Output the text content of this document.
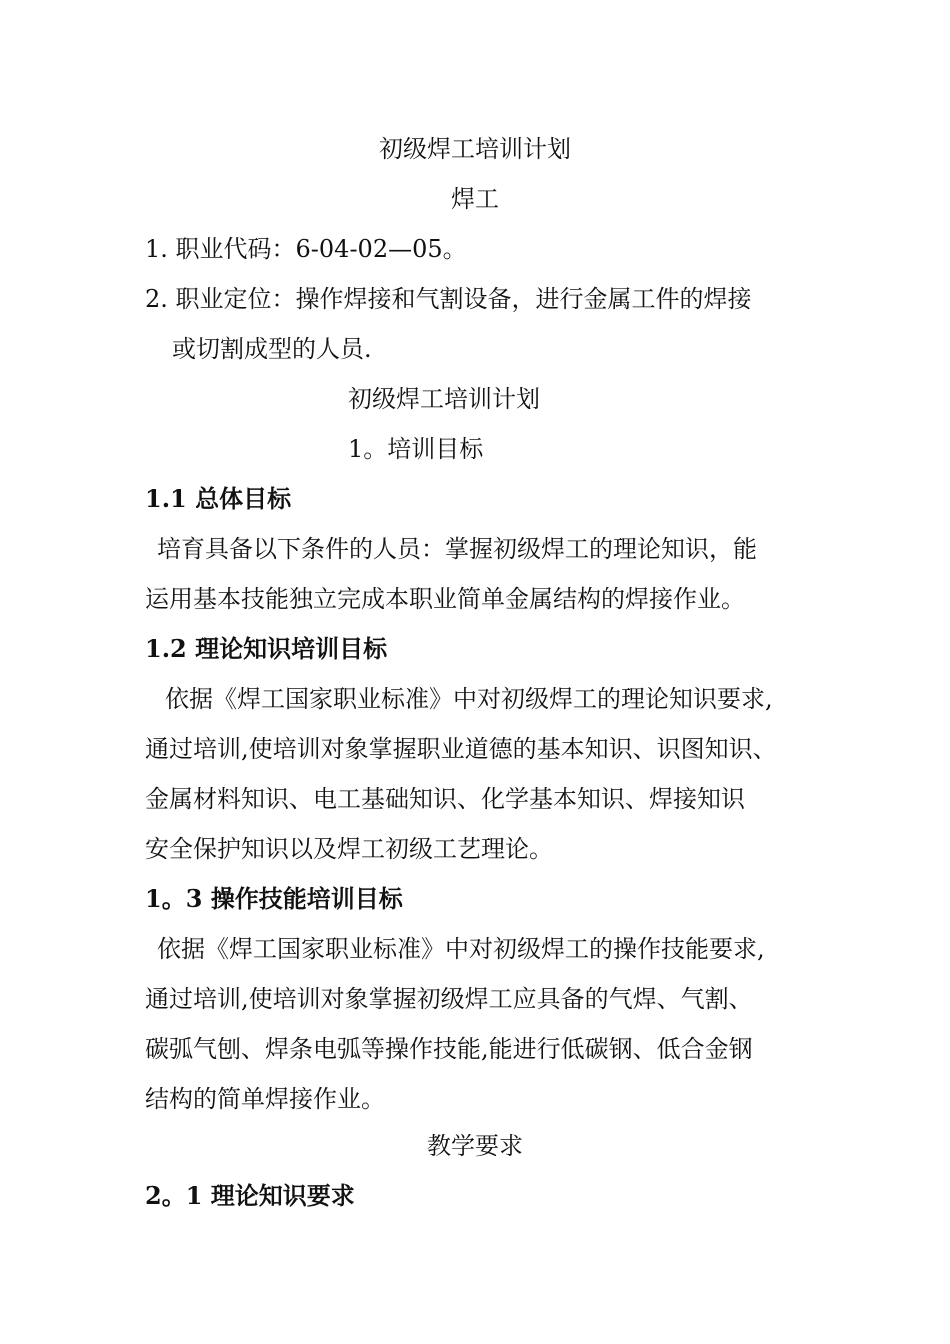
初级焊工培训计划
焊工
1. 职业代码：6-04-02—05。
2. 职业定位：操作焊接和气割设备，进行金属工件的焊接
或切割成型的人员.
初级焊工培训计划
1。培训目标
1.1 总体目标
培育具备以下条件的人员：掌握初级焊工的理论知识，能
运用基本技能独立完成本职业简单金属结构的焊接作业。
1.2 理论知识培训目标
依据《焊工国家职业标准》中对初级焊工的理论知识要求,
通过培训,使培训对象掌握职业道德的基本知识、识图知识、
金属材料知识、电工基础知识、化学基本知识、焊接知识
安全保护知识以及焊工初级工艺理论。
1。3 操作技能培训目标
依据《焊工国家职业标准》中对初级焊工的操作技能要求,
通过培训,使培训对象掌握初级焊工应具备的气焊、气割、
碳弧气刨、焊条电弧等操作技能,能进行低碳钢、低合金钢
结构的简单焊接作业。
教学要求
2。1 理论知识要求
